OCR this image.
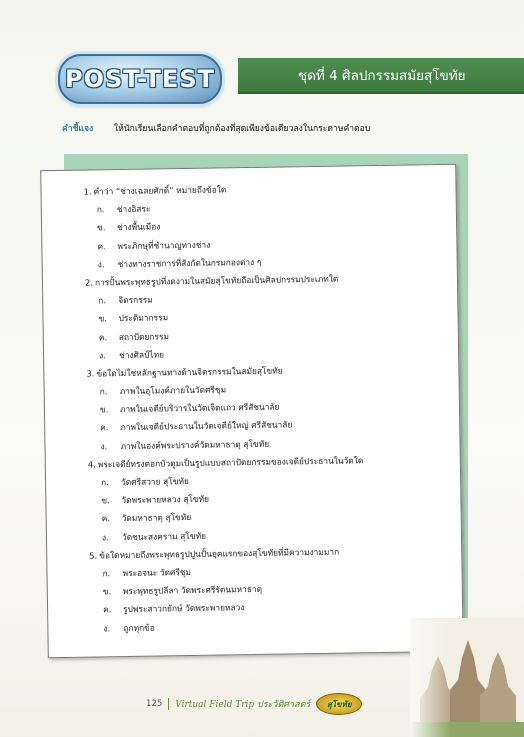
POST-TEST	ชุดที่ 4 ศิลปกรรมสมัยสุโขทัย
คำชี้แจง ให้นักเรียนเลือกคำตอบที่ถูกต้องที่สุดเพียงข้อเดียวลงในกระดาษคำตอบ
1. คำว่า “ช่างเฉลยศักดิ์” หมายถึงข้อใด
ก. ช่างอิสระ
ข. ช่างพื้นเมือง
ค. พระภิกษุที่ชำนาญทางช่าง
ง. ช่างทางราชการที่สังกัดในกรมกองต่าง ๆ
2. การปั้นพระพุทธรูปที่งดงามในสมัยสุโขทัยถือเป็นศิลปกรรมประเภทใด
ก. จิตรกรรม
ข. ประติมากรรม
ค. สถาปัตยกรรม
ง. ช่างศิลป์ไทย
3. ข้อใดไม่ใช่หลักฐานทางด้านจิตรกรรมในสมัยสุโขทัย
ก. ภาพในอุโมงค์ภายในวัดศรีชุม
ข. ภาพในเจดีย์บริวารในวัดเจ็ดแถว ศรีสัชนาลัย
ค. ภาพในเจดีย์ประธานในวัดเจดีย์ใหญ่ ศรีสัชนาลัย
ง. ภาพในองค์พระปรางค์วัดมหาธาตุ สุโขทัย
4. พระเจดีย์ทรงดอกบัวตูมเป็นรูปแบบสถาปัตยกรรมของเจดีย์ประธานในวัดใด
ก. วัดศรีสวาย สุโขทัย
ข. วัดพระพายหลวง สุโขทัย
ค. วัดมหาธาตุ สุโขทัย
ง. วัดชนะสงคราม สุโขทัย
5. ข้อใดหมายถึงพระพุทธรูปปูนปั้นยุคแรกของสุโขทัยที่มีความงามมาก
ก. พระอจนะ วัดศรีชุม
ข. พระพุทธรูปลีลา วัดพระศรีรัตนมหาธาตุ
ค. รูปพระสาวกยักษ์ วัดพระพายหลวง
ง. ถูกทุกข้อ
125 Virtual Field Trip ประวัติศาสตร์ สุโขทัย
